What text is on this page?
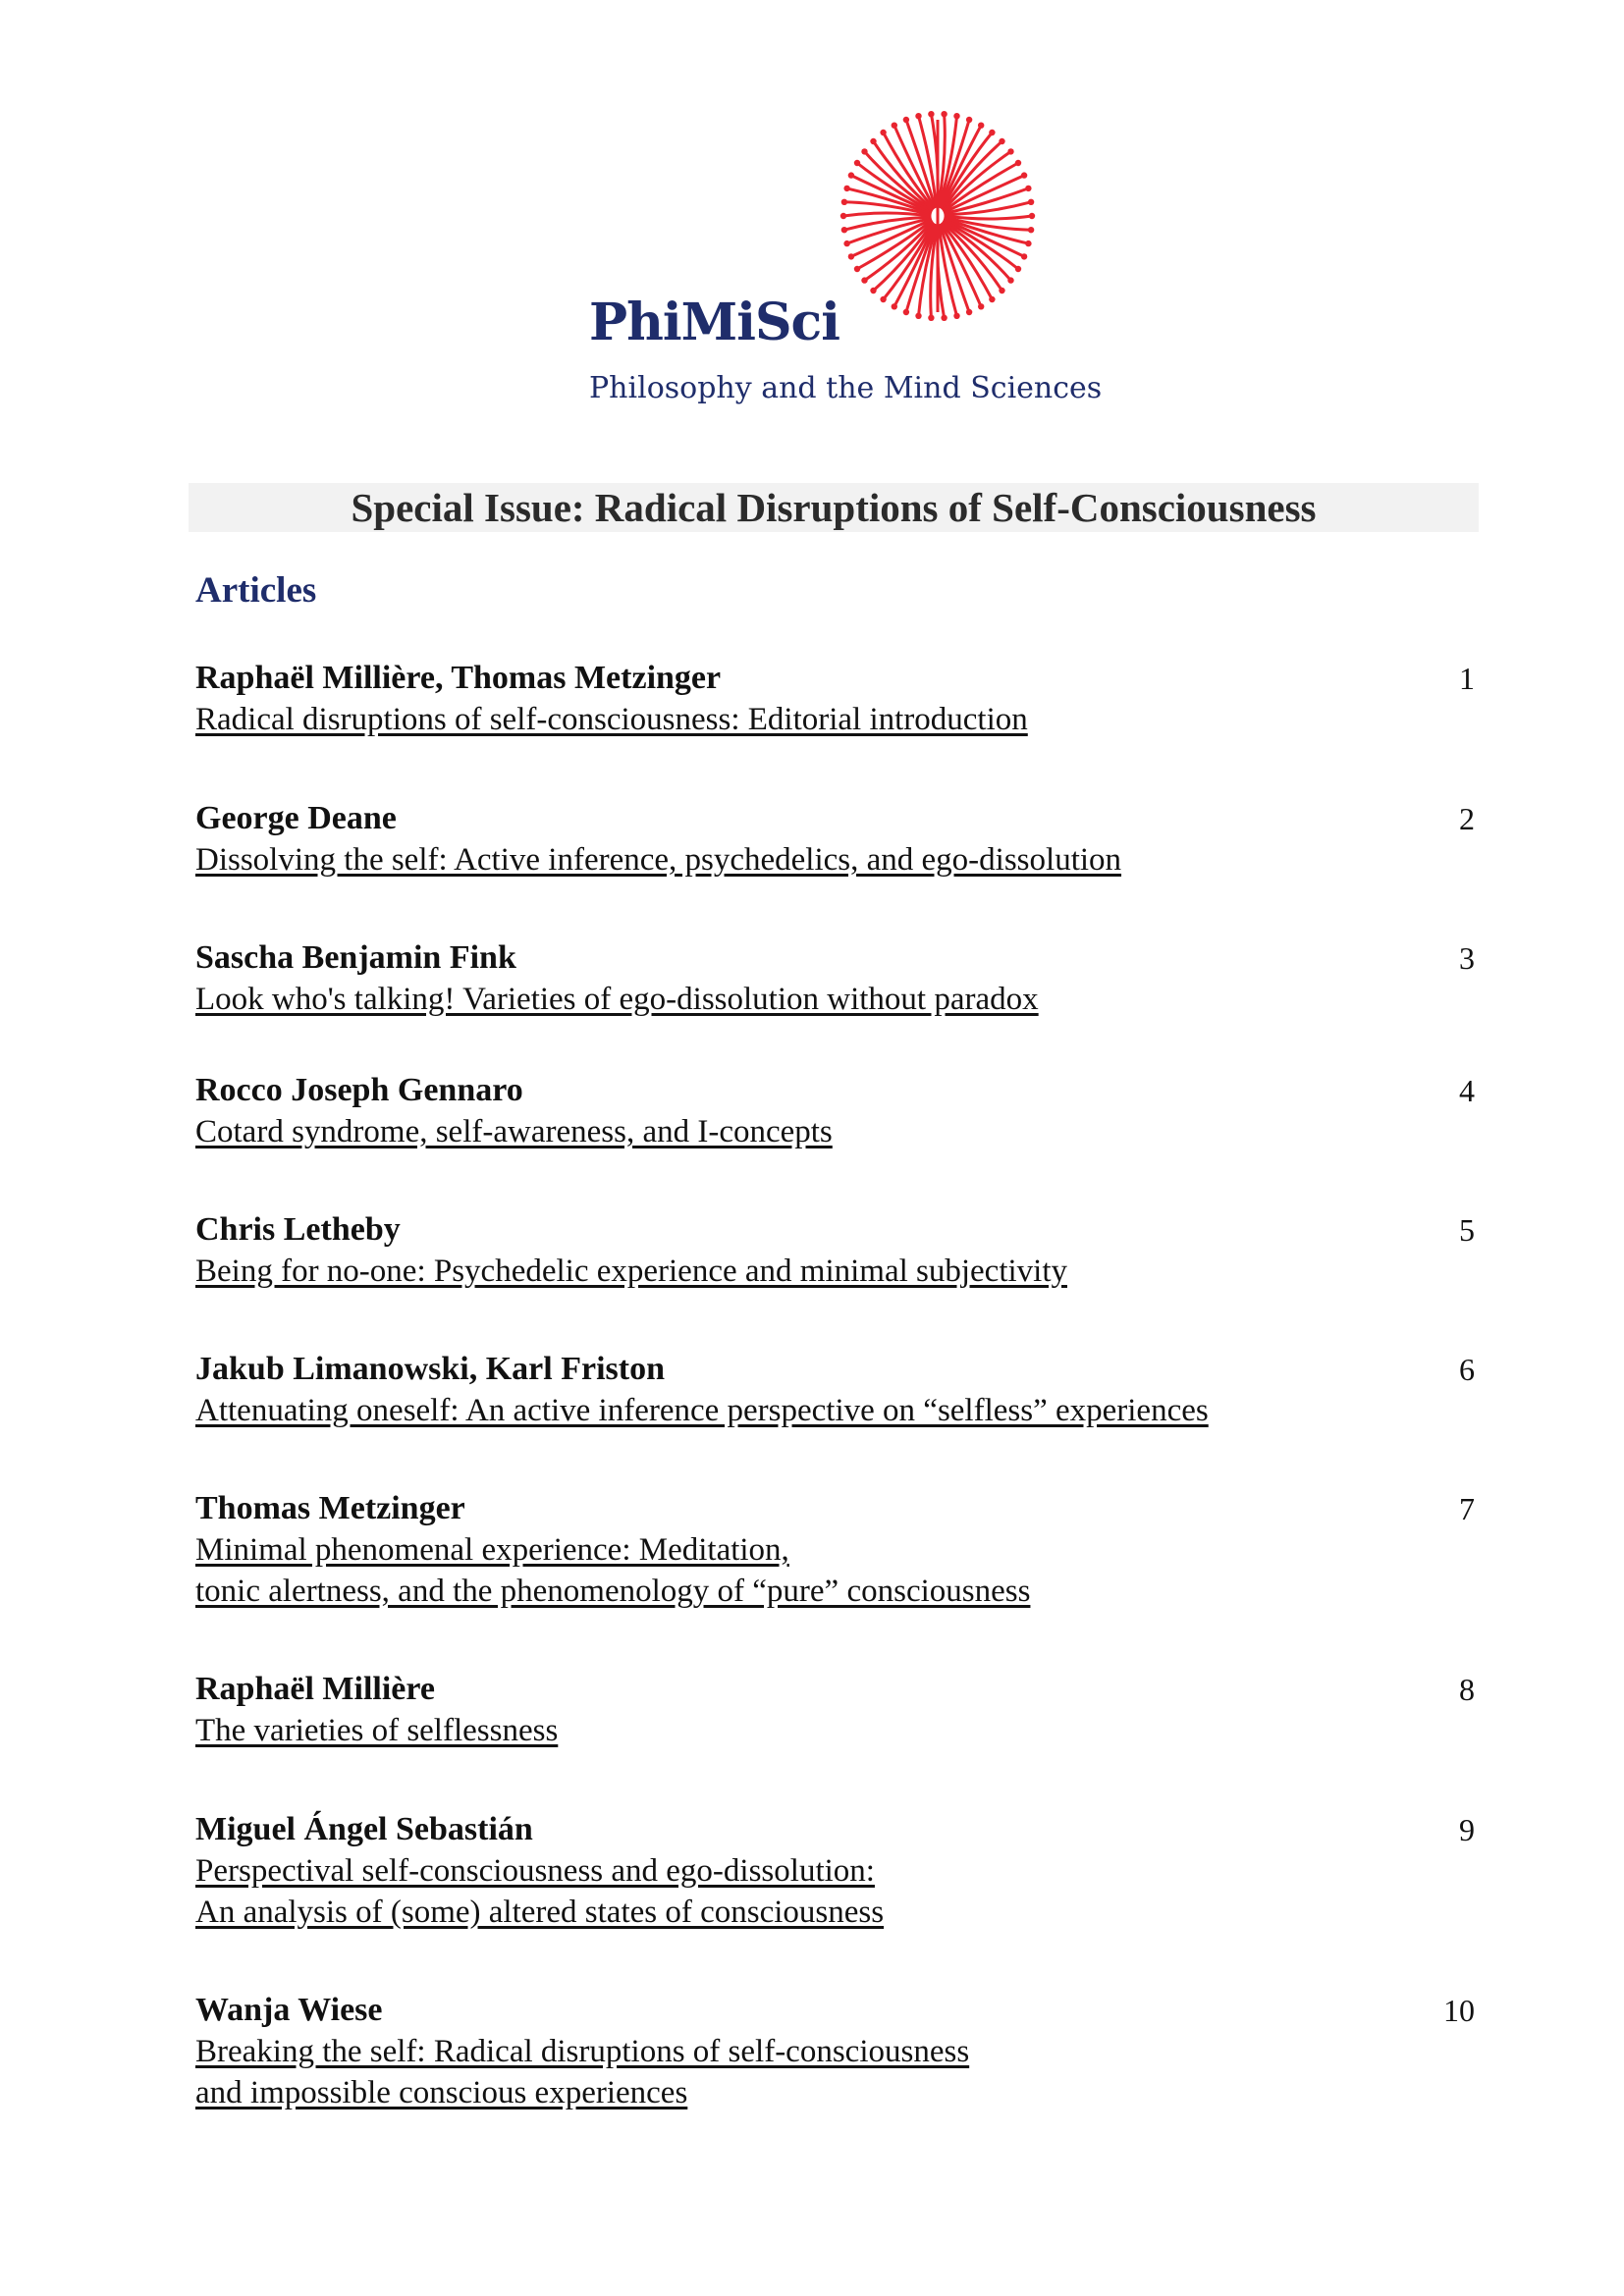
PhiMiSci
Philosophy and the Mind Sciences
Special Issue: Radical Disruptions of Self-Consciousness
Articles
Raphaël Millière, Thomas Metzinger
Radical disruptions of self-consciousness: Editorial introduction
1
George Deane
Dissolving the self: Active inference, psychedelics, and ego-dissolution
2
Sascha Benjamin Fink
Look who's talking! Varieties of ego-dissolution without paradox
3
Rocco Joseph Gennaro
Cotard syndrome, self-awareness, and I-concepts
4
Chris Letheby
Being for no-one: Psychedelic experience and minimal subjectivity
5
Jakub Limanowski, Karl Friston
Attenuating oneself: An active inference perspective on “selfless” experiences
6
Thomas Metzinger
Minimal phenomenal experience: Meditation,
tonic alertness, and the phenomenology of “pure” consciousness
7
Raphaël Millière
The varieties of selflessness
8
Miguel Ángel Sebastián
Perspectival self-consciousness and ego-dissolution:
An analysis of (some) altered states of consciousness
9
Wanja Wiese
Breaking the self: Radical disruptions of self-consciousness
and impossible conscious experiences
10
